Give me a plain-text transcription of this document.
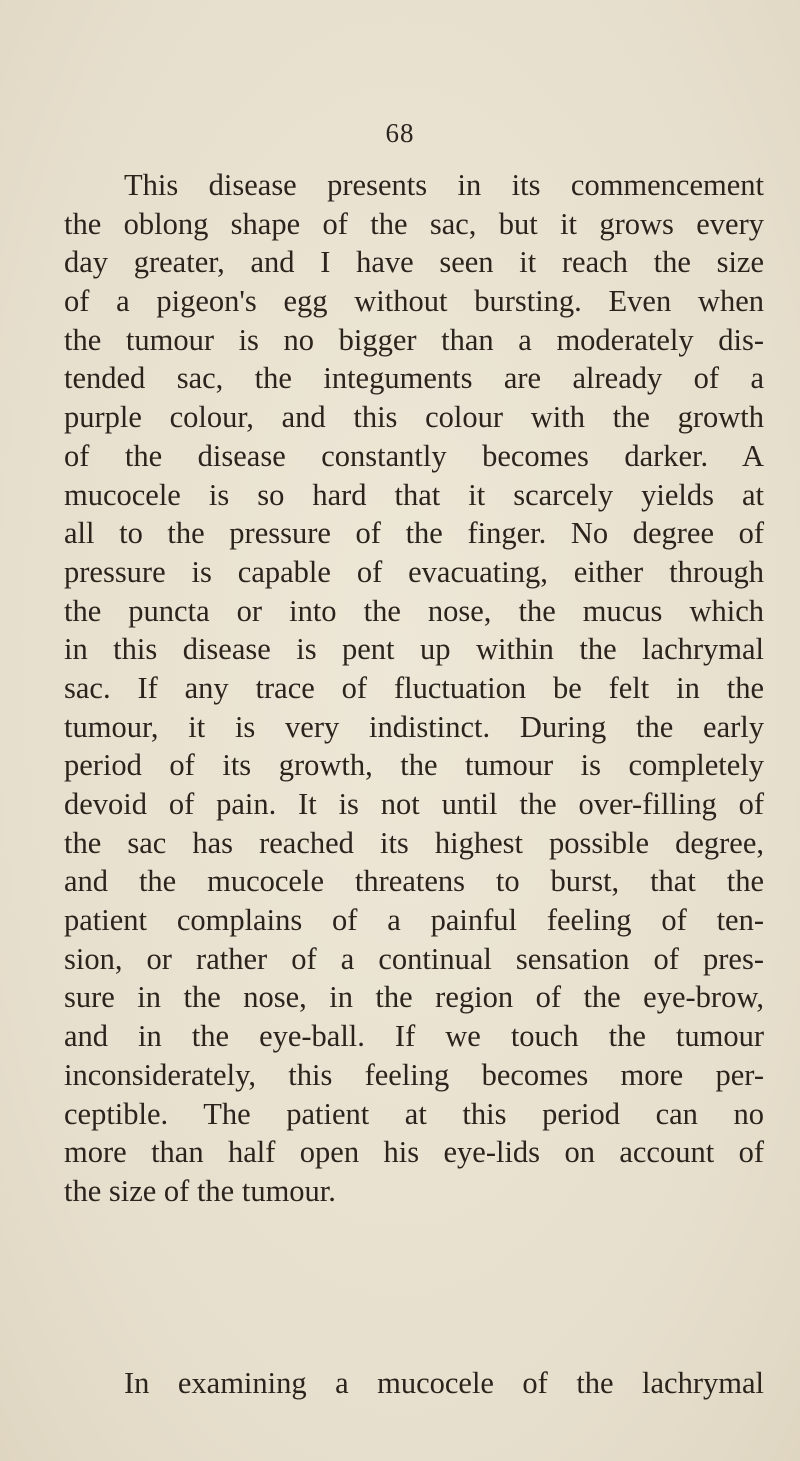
68
This disease presents in its commencement
the oblong shape of the sac, but it grows every
day greater, and I have seen it reach the size
of a pigeon's egg without bursting. Even when
the tumour is no bigger than a moderately dis-
tended sac, the integuments are already of a
purple colour, and this colour with the growth
of the disease constantly becomes darker. A
mucocele is so hard that it scarcely yields at
all to the pressure of the finger. No degree of
pressure is capable of evacuating, either through
the puncta or into the nose, the mucus which
in this disease is pent up within the lachrymal
sac. If any trace of fluctuation be felt in the
tumour, it is very indistinct. During the early
period of its growth, the tumour is completely
devoid of pain. It is not until the over-filling of
the sac has reached its highest possible degree,
and the mucocele threatens to burst, that the
patient complains of a painful feeling of ten-
sion, or rather of a continual sensation of pres-
sure in the nose, in the region of the eye-brow,
and in the eye-ball. If we touch the tumour
inconsiderately, this feeling becomes more per-
ceptible. The patient at this period can no
more than half open his eye-lids on account of
the size of the tumour.
In examining a mucocele of the lachrymal
